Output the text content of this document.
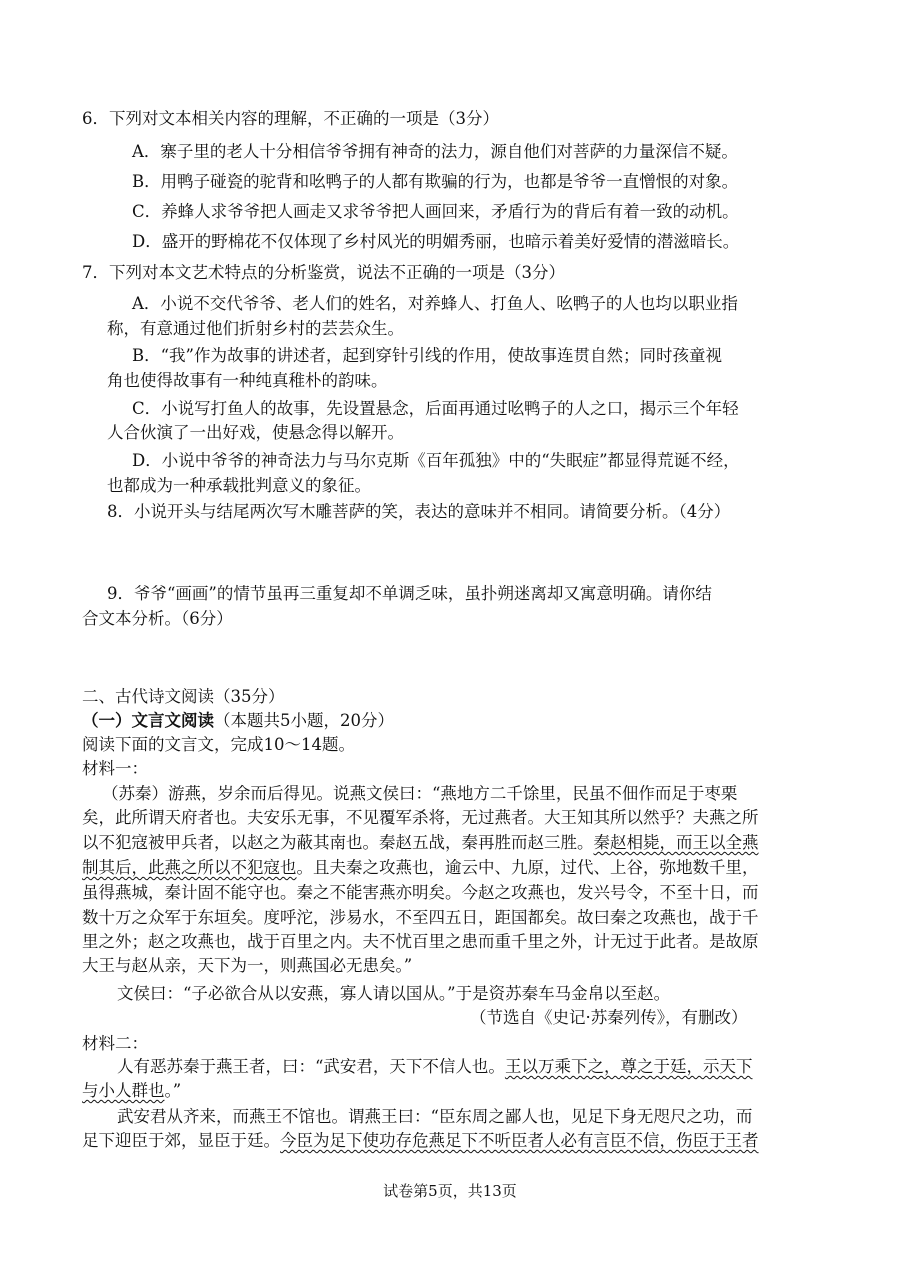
6．下列对文本相关内容的理解，不正确的一项是（3分）
A．寨子里的老人十分相信爷爷拥有神奇的法力，源自他们对菩萨的力量深信不疑。
B．用鸭子碰瓷的驼背和吆鸭子的人都有欺骗的行为，也都是爷爷一直憎恨的对象。
C．养蜂人求爷爷把人画走又求爷爷把人画回来，矛盾行为的背后有着一致的动机。
D．盛开的野棉花不仅体现了乡村风光的明媚秀丽，也暗示着美好爱情的潜滋暗长。
7．下列对本文艺术特点的分析鉴赏，说法不正确的一项是（3分）
A．小说不交代爷爷、老人们的姓名，对养蜂人、打鱼人、吆鸭子的人也均以职业指
称，有意通过他们折射乡村的芸芸众生。
B．“我”作为故事的讲述者，起到穿针引线的作用，使故事连贯自然；同时孩童视
角也使得故事有一种纯真稚朴的韵味。
C．小说写打鱼人的故事，先设置悬念，后面再通过吆鸭子的人之口，揭示三个年轻
人合伙演了一出好戏，使悬念得以解开。
D．小说中爷爷的神奇法力与马尔克斯《百年孤独》中的“失眠症”都显得荒诞不经，
也都成为一种承载批判意义的象征。
8．小说开头与结尾两次写木雕菩萨的笑，表达的意味并不相同。请简要分析。（4分）
9．爷爷“画画”的情节虽再三重复却不单调乏味，虽扑朔迷离却又寓意明确。请你结
合文本分析。（6分）
二、古代诗文阅读（35分）
（一）文言文阅读（本题共5小题，20分）
阅读下面的文言文，完成10～14题。
材料一：
（苏秦）游燕，岁余而后得见。说燕文侯曰：“燕地方二千馀里，民虽不佃作而足于枣栗
矣，此所谓天府者也。夫安乐无事，不见覆军杀将，无过燕者。大王知其所以然乎？夫燕之所
以不犯寇被甲兵者，以赵之为蔽其南也。秦赵五战，秦再胜而赵三胜。秦赵相毙，而王以全燕
制其后，此燕之所以不犯寇也。且夫秦之攻燕也，逾云中、九原，过代、上谷，弥地数千里，
虽得燕城，秦计固不能守也。秦之不能害燕亦明矣。今赵之攻燕也，发兴号令，不至十日，而
数十万之众军于东垣矣。度呼沱，涉易水，不至四五日，距国都矣。故曰秦之攻燕也，战于千
里之外；赵之攻燕也，战于百里之内。夫不忧百里之患而重千里之外，计无过于此者。是故原
大王与赵从亲，天下为一，则燕国必无患矣。”
文侯曰：“子必欲合从以安燕，寡人请以国从。”于是资苏秦车马金帛以至赵。
（节选自《史记·苏秦列传》，有删改）
材料二：
人有恶苏秦于燕王者，曰：“武安君，天下不信人也。王以万乘下之，尊之于廷，示天下
与小人群也。”
武安君从齐来，而燕王不馆也。谓燕王曰：“臣东周之鄙人也，见足下身无咫尺之功，而
足下迎臣于郊，显臣于廷。今臣为足下使功存危燕足下不听臣者人必有言臣不信，伤臣于王者
试卷第5页，共13页
